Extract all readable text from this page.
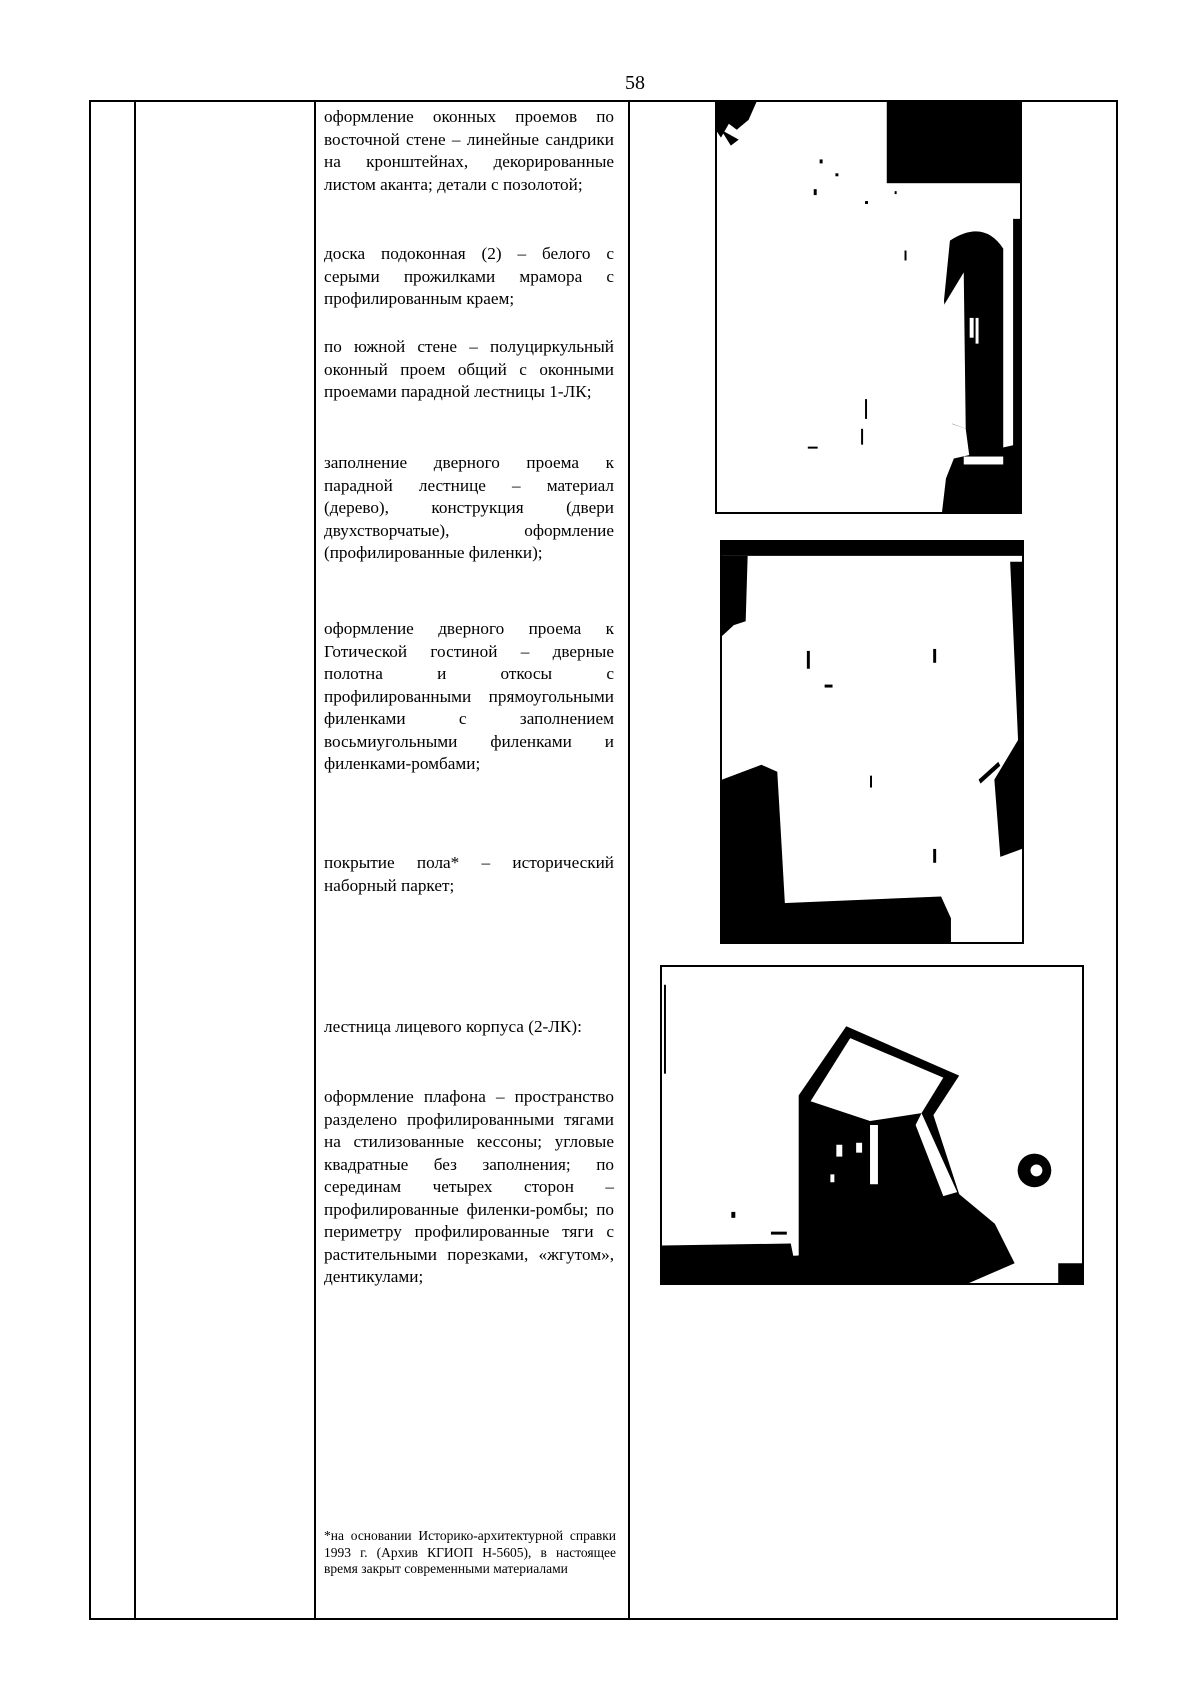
58

оформление оконных проемов по восточной стене – линейные сандрики на кронштейнах, декорированные листом аканта; детали с позолотой;

доска подоконная (2) – белого с серыми прожилками мрамора с профилированным краем;

по южной стене – полуциркульный оконный проем общий с оконными проемами парадной лестницы 1-ЛК;

заполнение дверного проема к парадной лестнице – материал (дерево), конструкция (двери двухстворчатые), оформление (профилированные филенки);

оформление дверного проема к Готической гостиной – дверные полотна и откосы с профилированными прямоугольными филенками с заполнением восьмиугольными филенками и филенками-ромбами;

покрытие пола* – исторический наборный паркет;

лестница лицевого корпуса (2-ЛК):

оформление плафона – пространство разделено профилированными тягами на стилизованные кессоны; угловые квадратные без заполнения; по серединам четырех сторон – профилированные филенки-ромбы; по периметру профилированные тяги с растительными порезками, «жгутом», дентикулами;

*на основании Историко-архитектурной справки 1993 г. (Архив КГИОП Н-5605), в настоящее время закрыт современными материалами
